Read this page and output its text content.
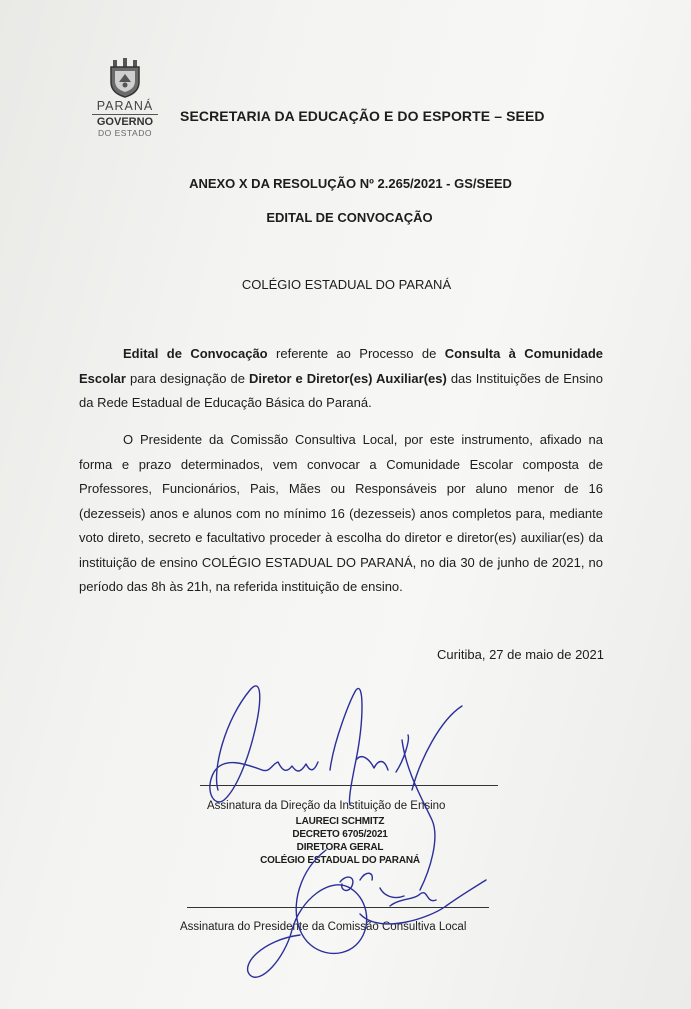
PARANÁ
GOVERNO
DO ESTADO
SECRETARIA DA EDUCAÇÃO E DO ESPORTE – SEED
ANEXO X DA RESOLUÇÃO Nº 2.265/2021 - GS/SEED
EDITAL DE CONVOCAÇÃO
COLÉGIO ESTADUAL DO PARANÁ
Edital de Convocação referente ao Processo de Consulta à Comunidade Escolar para designação de Diretor e Diretor(es) Auxiliar(es) das Instituições de Ensino da Rede Estadual de Educação Básica do Paraná.
O Presidente da Comissão Consultiva Local, por este instrumento, afixado na forma e prazo determinados, vem convocar a Comunidade Escolar composta de Professores, Funcionários, Pais, Mães ou Responsáveis por aluno menor de 16 (dezesseis) anos e alunos com no mínimo 16 (dezesseis) anos completos para, mediante voto direto, secreto e facultativo proceder à escolha do diretor e diretor(es) auxiliar(es) da instituição de ensino COLÉGIO ESTADUAL DO PARANÁ, no dia 30 de junho de 2021, no período das 8h às 21h, na referida instituição de ensino.
Curitiba, 27 de maio de 2021
Assinatura da Direção da Instituição de Ensino
LAURECI SCHMITZ
DECRETO 6705/2021
DIRETORA GERAL
COLÉGIO ESTADUAL DO PARANÁ
Assinatura do Presidente da Comissão Consultiva Local
